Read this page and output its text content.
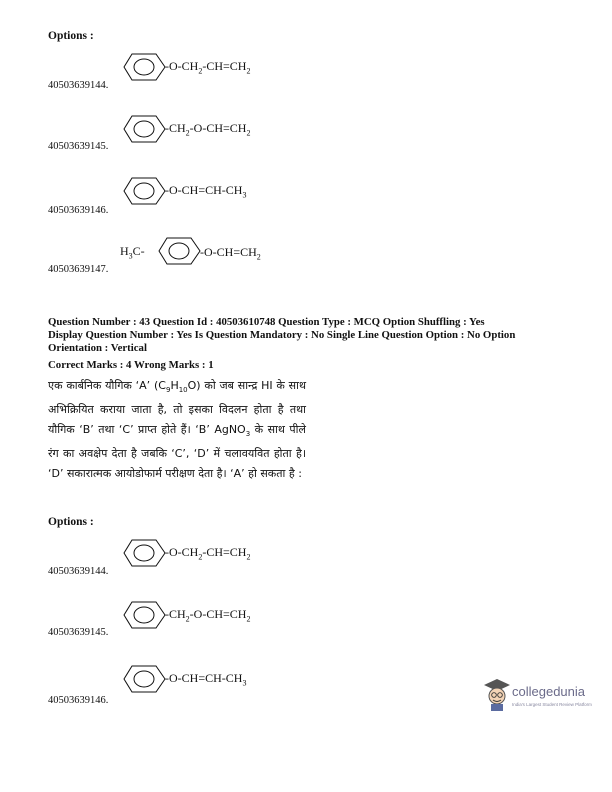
Options :
$-O-CH_2-CH=CH_2$
40503639144.
$-CH_2-O-CH=CH_2$
40503639145.
$-O-CH=CH-CH_3$
40503639146.
$H_3C-$	$-O-CH=CH_2$
40503639147.
Question Number : 43 Question Id : 40503610748 Question Type : MCQ Option Shuffling : Yes
Display Question Number : Yes Is Question Mandatory : No Single Line Question Option : No Option
Orientation : Vertical
Correct Marks : 4 Wrong Marks : 1
एक कार्बनिक यौगिक ‘A’ $(C_9H_{10}O)$ को जब सान्द्र HI के साथ अभिक्रियित कराया जाता है, तो इसका विदलन होता है तथा यौगिक ‘B’ तथा ‘C’ प्राप्त होते हैं। ‘B’ AgNO$_3$ के साथ पीले रंग का अवक्षेप देता है जबकि ‘C’, ‘D’ में चलावयवित होता है। ‘D’ सकारात्मक आयोडोफार्म परीक्षण देता है। ‘A’ हो सकता है :
Options :
$-O-CH_2-CH=CH_2$
40503639144.
$-CH_2-O-CH=CH_2$
40503639145.
$-O-CH=CH-CH_3$
40503639146.
collegedunia
India's Largest Student Review Platform
